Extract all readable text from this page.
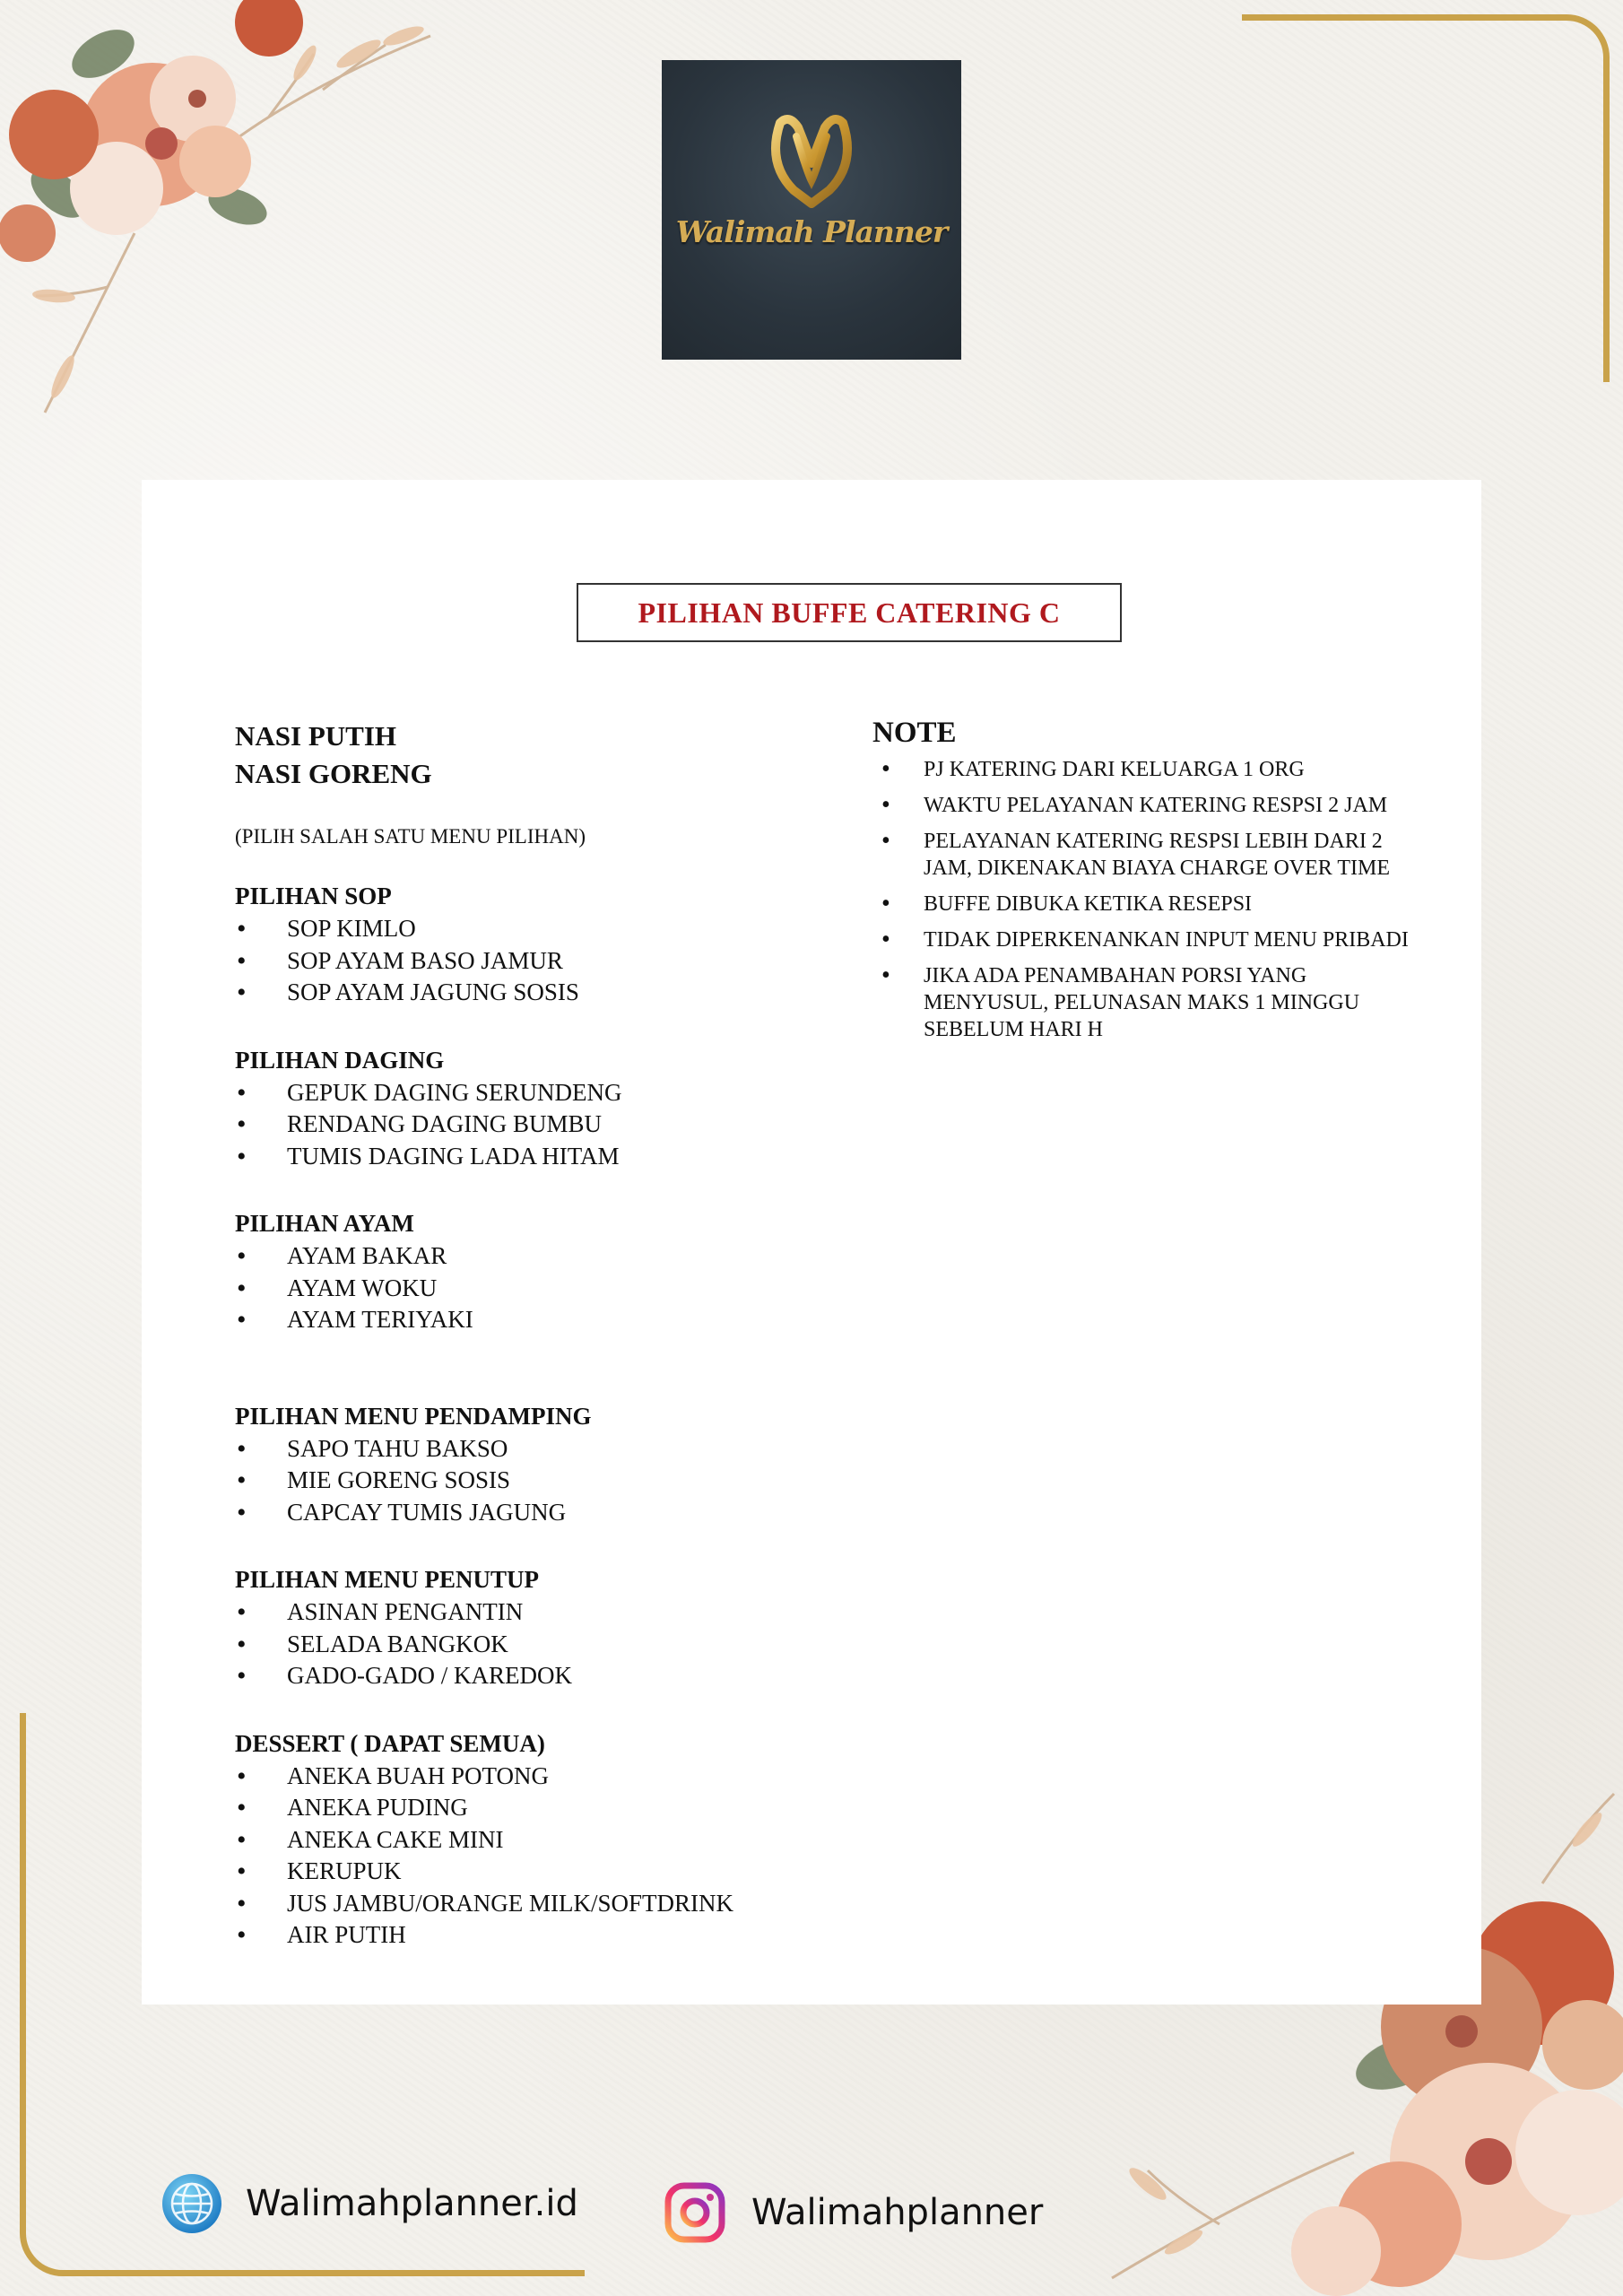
Walimah Planner
PILIHAN BUFFE CATERING C
NASI PUTIH
NASI GORENG
(PILIH SALAH SATU MENU PILIHAN)
PILIHAN SOP
• SOP KIMLO
• SOP AYAM BASO JAMUR
• SOP AYAM JAGUNG SOSIS
PILIHAN DAGING
• GEPUK DAGING SERUNDENG
• RENDANG DAGING BUMBU
• TUMIS DAGING LADA HITAM
PILIHAN AYAM
• AYAM BAKAR
• AYAM WOKU
• AYAM TERIYAKI
PILIHAN MENU PENDAMPING
• SAPO TAHU BAKSO
• MIE GORENG SOSIS
• CAPCAY TUMIS JAGUNG
PILIHAN MENU PENUTUP
• ASINAN PENGANTIN
• SELADA BANGKOK
• GADO-GADO / KAREDOK
DESSERT ( DAPAT SEMUA)
• ANEKA BUAH POTONG
• ANEKA PUDING
• ANEKA CAKE MINI
• KERUPUK
• JUS JAMBU/ORANGE MILK/SOFTDRINK
• AIR PUTIH
NOTE
• PJ KATERING DARI KELUARGA 1 ORG
• WAKTU PELAYANAN KATERING RESPSI 2 JAM
• PELAYANAN KATERING RESPSI LEBIH DARI 2 JAM, DIKENAKAN BIAYA CHARGE OVER TIME
• BUFFE DIBUKA KETIKA RESEPSI
• TIDAK DIPERKENANKAN INPUT MENU PRIBADI
• JIKA ADA PENAMBAHAN PORSI YANG MENYUSUL, PELUNASAN MAKS 1 MINGGU SEBELUM HARI H
Walimahplanner.id	Walimahplanner
